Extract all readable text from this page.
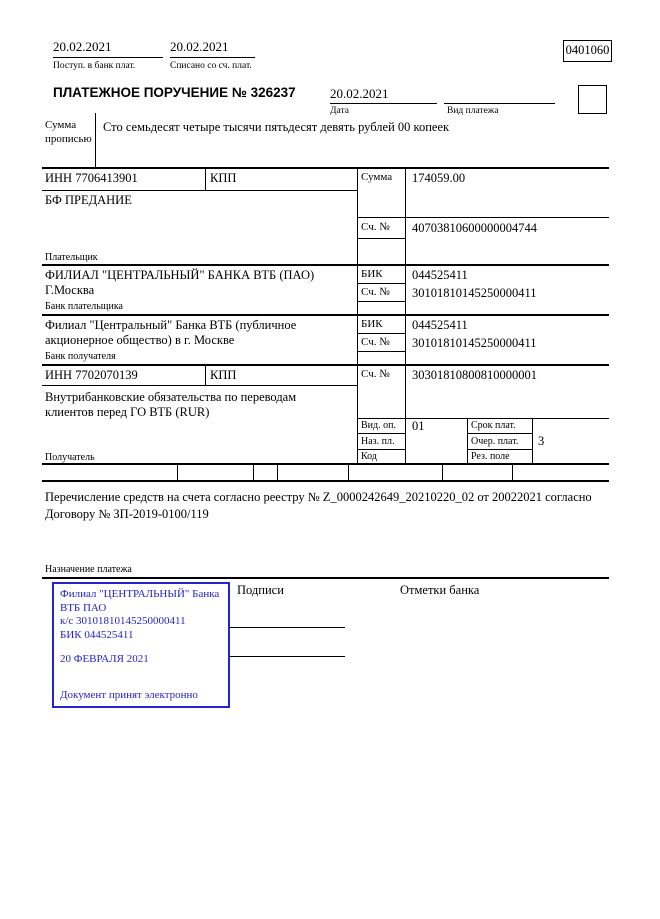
20.02.2021
Поступ. в банк плат.
20.02.2021
Списано со сч. плат.
0401060
ПЛАТЕЖНОЕ ПОРУЧЕНИЕ № 326237	20.02.2021
Дата	Вид платежа
Сумма
прописью
Сто семьдесят четыре тысячи пятьдесят девять рублей 00 копеек
ИНН 7706413901	КПП	Сумма 174059.00
БФ ПРЕДАНИЕ
Сч. № 40703810600000004744
Плательщик
ФИЛИАЛ "ЦЕНТРАЛЬНЫЙ" БАНКА ВТБ (ПАО)
Г.Москва
БИК 044525411
Сч. № 30101810145250000411
Банк плательщика
Филиал "Центральный" Банка ВТБ (публичное
акционерное общество) в г. Москве
БИК 044525411
Сч. № 30101810145250000411
Банк получателя
ИНН 7702070139	КПП	Сч. № 30301810800810000001
Внутрибанковские обязательства по переводам
клиентов перед ГО ВТБ (RUR)
Вид. оп. 01	Срок плат.
Наз. пл.	Очер. плат. 3
Код	Рез. поле
Получатель
Перечисление средств на счета согласно реестру № Z_0000242649_20210220_02 от 20022021 согласно Договору № ЗП-2019-0100/119
Назначение платежа
Подписи	Отметки банка
Филиал "ЦЕНТРАЛЬНЫЙ" Банка
ВТБ ПАО
к/с 30101810145250000411
БИК 044525411
20 ФЕВРАЛЯ 2021
Документ принят электронно
